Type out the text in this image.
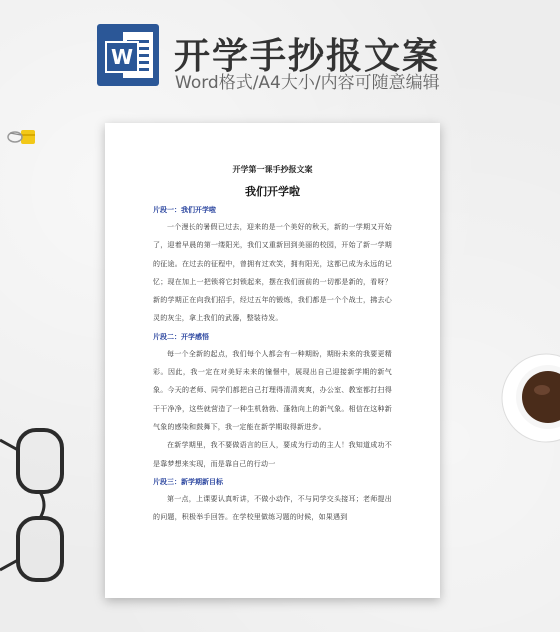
W 开学手抄报文案
Word格式/A4大小/内容可随意编辑
开学第一课手抄报文案
我们开学啦
片段一：我们开学啦

一个漫长的暑假已过去，迎来的是一个美好的秋天，新的一学期又开始了，迎着早晨的第一缕阳光，我们又重新回到美丽的校园，开始了新一学期的征途。在过去的征程中，曾拥有过欢笑，拥有阳光，这都已成为永远的记忆；现在加上一把锁将它封锁起来，摆在我们面前的一切都是新的，看呀？新的学期正在向我们招手，经过五年的锻炼，我们都是一个个战士，拂去心灵的灰尘，拿上我们的武器，整装待发。

片段二：开学感悟

每一个全新的起点，我们每个人都会有一种期盼，期盼未来的我要更精彩。因此，我一定在对美好未来的憧憬中，展现出自己迎接新学期的新气象。今天的老师、同学们都把自己打理得清清爽爽，办公室、教室都打扫得干干净净，这些就营造了一种生机勃勃、蓬勃向上的新气象。相信在这种新气象的感染和鼓舞下，我一定能在新学期取得新进步。

在新学期里，我不要做语言的巨人，要成为行动的主人！我知道成功不是靠梦想来实现，而是靠自己的行动一

片段三：新学期新目标

第一点，上课要认真听讲，不做小动作，不与同学交头接耳；老师提出的问题，积极举手回答。在学校里做练习题的时候，如果遇到
